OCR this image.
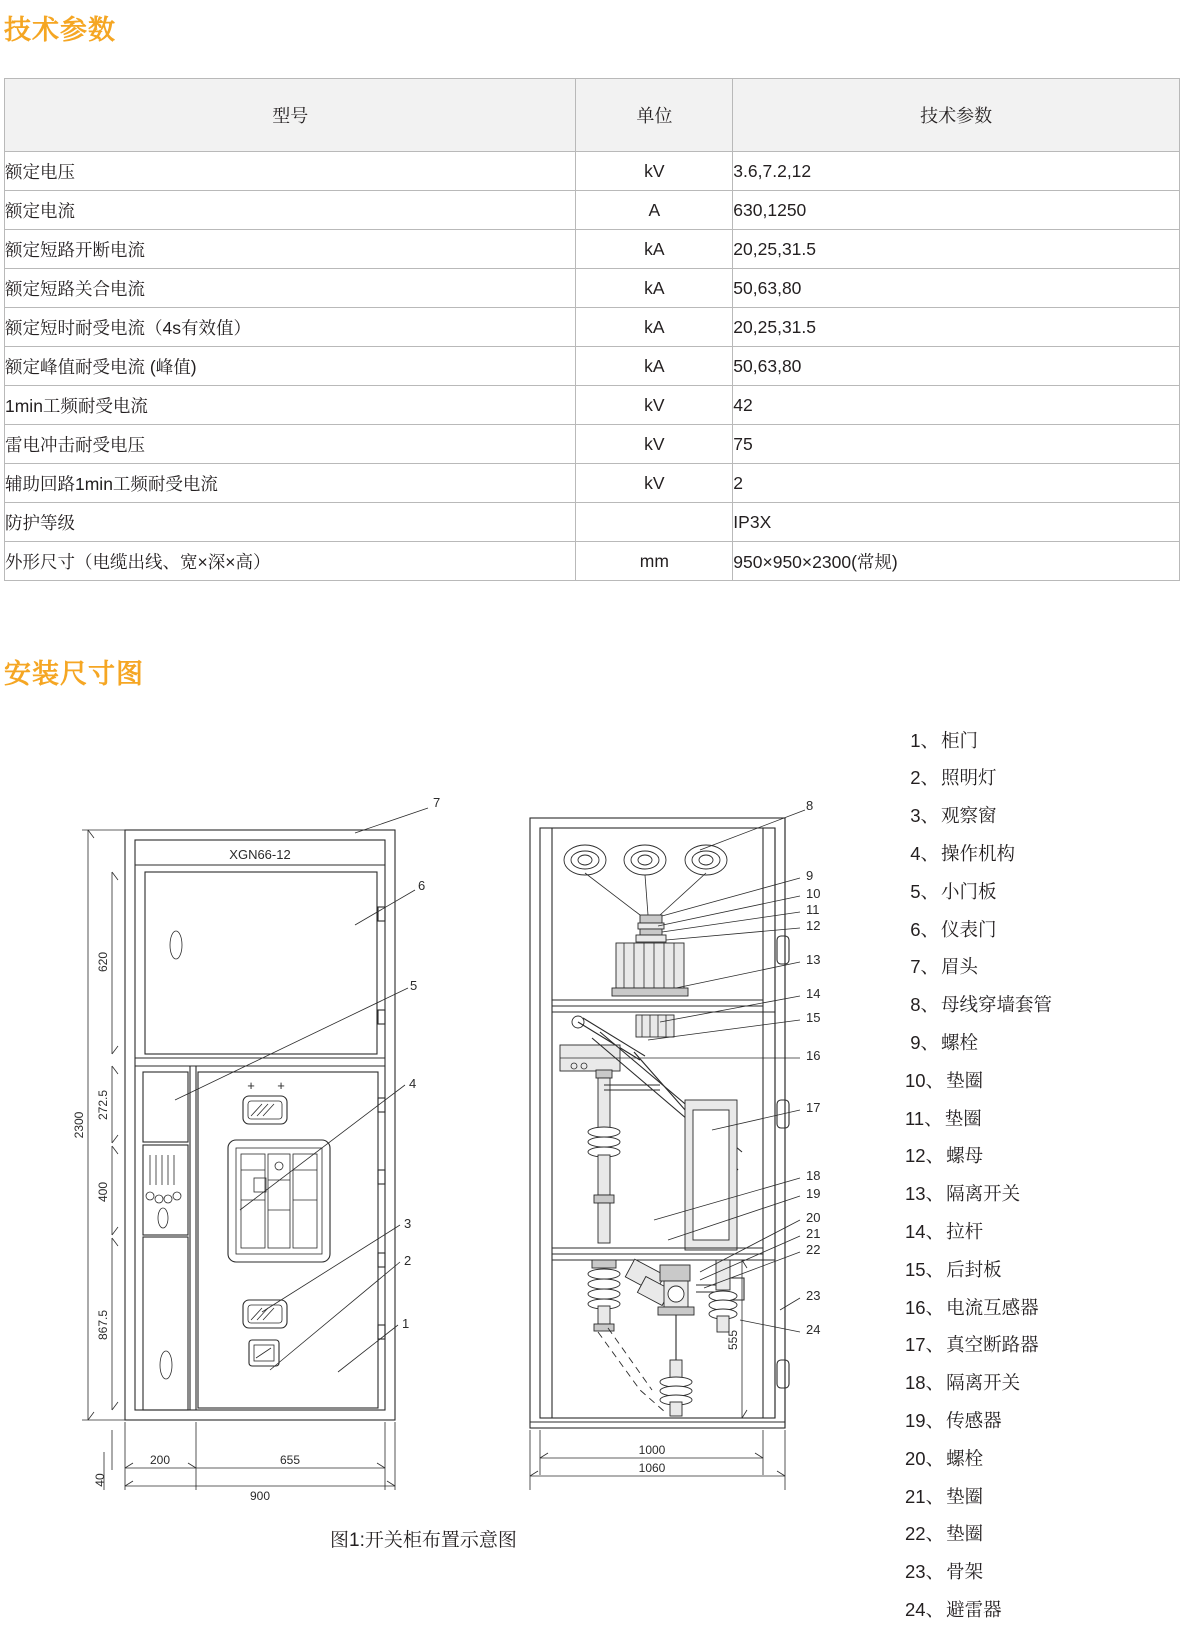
技术参数
型号	单位	技术参数
额定电压	kV	3.6,7.2,12
额定电流	A	630,1250
额定短路开断电流	kA	20,25,31.5
额定短路关合电流	kA	50,63,80
额定短时耐受电流（4s有效值）	kA	20,25,31.5
额定峰值耐受电流 (峰值)	kA	50,63,80
1min工频耐受电流	kV	42
雷电冲击耐受电压	kV	75
辅助回路1min工频耐受电流	kV	2
防护等级		IP3X
外形尺寸（电缆出线、宽×深×高）	mm	950×950×2300(常规)
安装尺寸图
XGN66-12
+ +
620
272.5
400
867.5
2300
40
200	655
900
7
6
5
4
3
2
1
1000
1060
555
8
9
10
11
12
13
14
15
16
17
18
19
20
21
22
23
24
图1:开关柜布置示意图
1、 柜门
2、 照明灯
3、 观察窗
4、 操作机构
5、 小门板
6、 仪表门
7、 眉头
8、 母线穿墙套管
9、 螺栓
10、 垫圈
11、 垫圈
12、 螺母
13、 隔离开关
14、 拉杆
15、 后封板
16、 电流互感器
17、 真空断路器
18、 隔离开关
19、 传感器
20、 螺栓
21、 垫圈
22、 垫圈
23、 骨架
24、 避雷器
